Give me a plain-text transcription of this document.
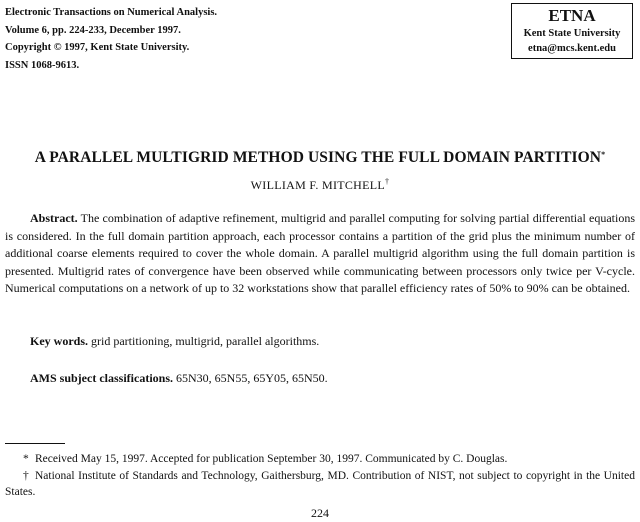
Electronic Transactions on Numerical Analysis.
Volume 6, pp. 224-233, December 1997.
Copyright © 1997, Kent State University.
ISSN 1068-9613.
ETNA
Kent State University
etna@mcs.kent.edu
A PARALLEL MULTIGRID METHOD USING THE FULL DOMAIN PARTITION*
WILLIAM F. MITCHELL†

Abstract. The combination of adaptive refinement, multigrid and parallel computing for solving partial differential equations is considered. In the full domain partition approach, each processor contains a partition of the grid plus the minimum number of additional coarse elements required to cover the whole domain. A parallel multigrid algorithm using the full domain partition is presented. Multigrid rates of convergence have been observed while communicating between processors only twice per V-cycle. Numerical computations on a network of up to 32 workstations show that parallel efficiency rates of 50% to 90% can be obtained.

Key words. grid partitioning, multigrid, parallel algorithms.
AMS subject classifications. 65N30, 65N55, 65Y05, 65N50.

* Received May 15, 1997. Accepted for publication September 30, 1997. Communicated by C. Douglas.

† National Institute of Standards and Technology, Gaithersburg, MD. Contribution of NIST, not subject to copyright in the United States.

224
